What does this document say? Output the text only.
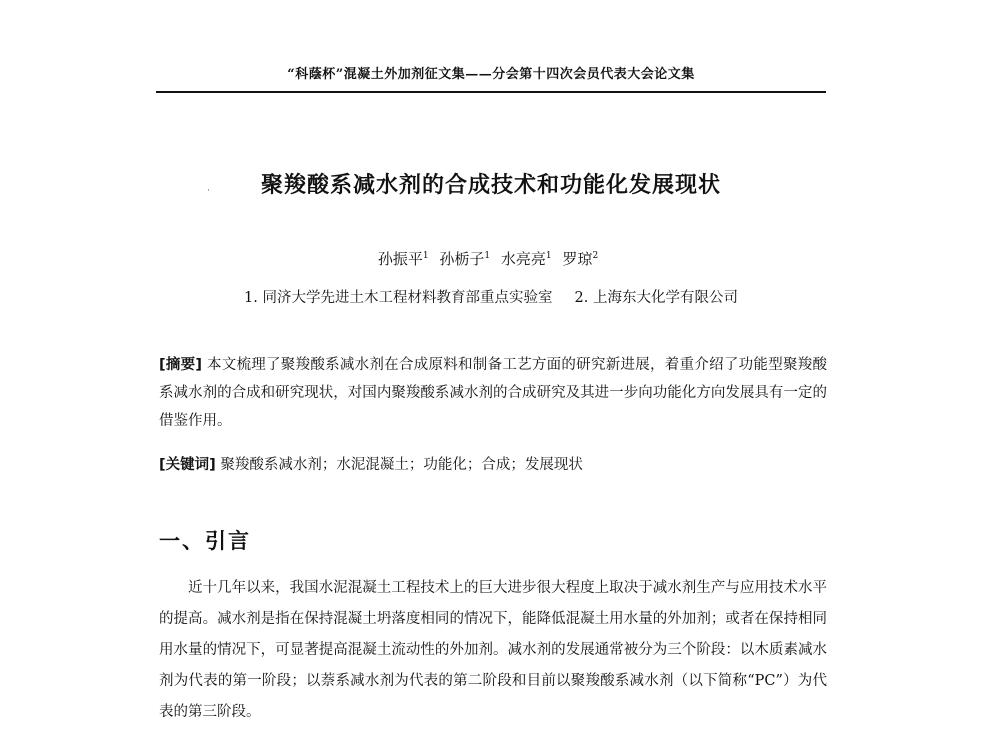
“科蔭杯”混凝土外加剂征文集——分会第十四次会员代表大会论文集
聚羧酸系减水剂的合成技术和功能化发展现状
·
孙振平$^1$ 孙栃子$^1$ 水亮亮$^1$ 罗琼$^2$
1. 同济大学先进土木工程材料教育部重点实验室 2. 上海东大化学有限公司
[摘要] 本文梳理了聚羧酸系减水剂在合成原料和制备工艺方面的研究新进展，着重介绍了功能型聚羧酸系减水剂的合成和研究现状，对国内聚羧酸系减水剂的合成研究及其进一步向功能化方向发展具有一定的借鉴作用。
[关键词] 聚羧酸系减水剂；水泥混凝土；功能化；合成；发展现状
一、引言
近十几年以来，我国水泥混凝土工程技术上的巨大进步很大程度上取决于减水剂生产与应用技术水平的提高。减水剂是指在保持混凝土坍落度相同的情况下，能降低混凝土用水量的外加剂；或者在保持相同用水量的情况下，可显著提高混凝土流动性的外加剂。减水剂的发展通常被分为三个阶段：以木质素减水剂为代表的第一阶段；以萘系减水剂为代表的第二阶段和目前以聚羧酸系减水剂（以下简称“PC”）为代表的第三阶段。
